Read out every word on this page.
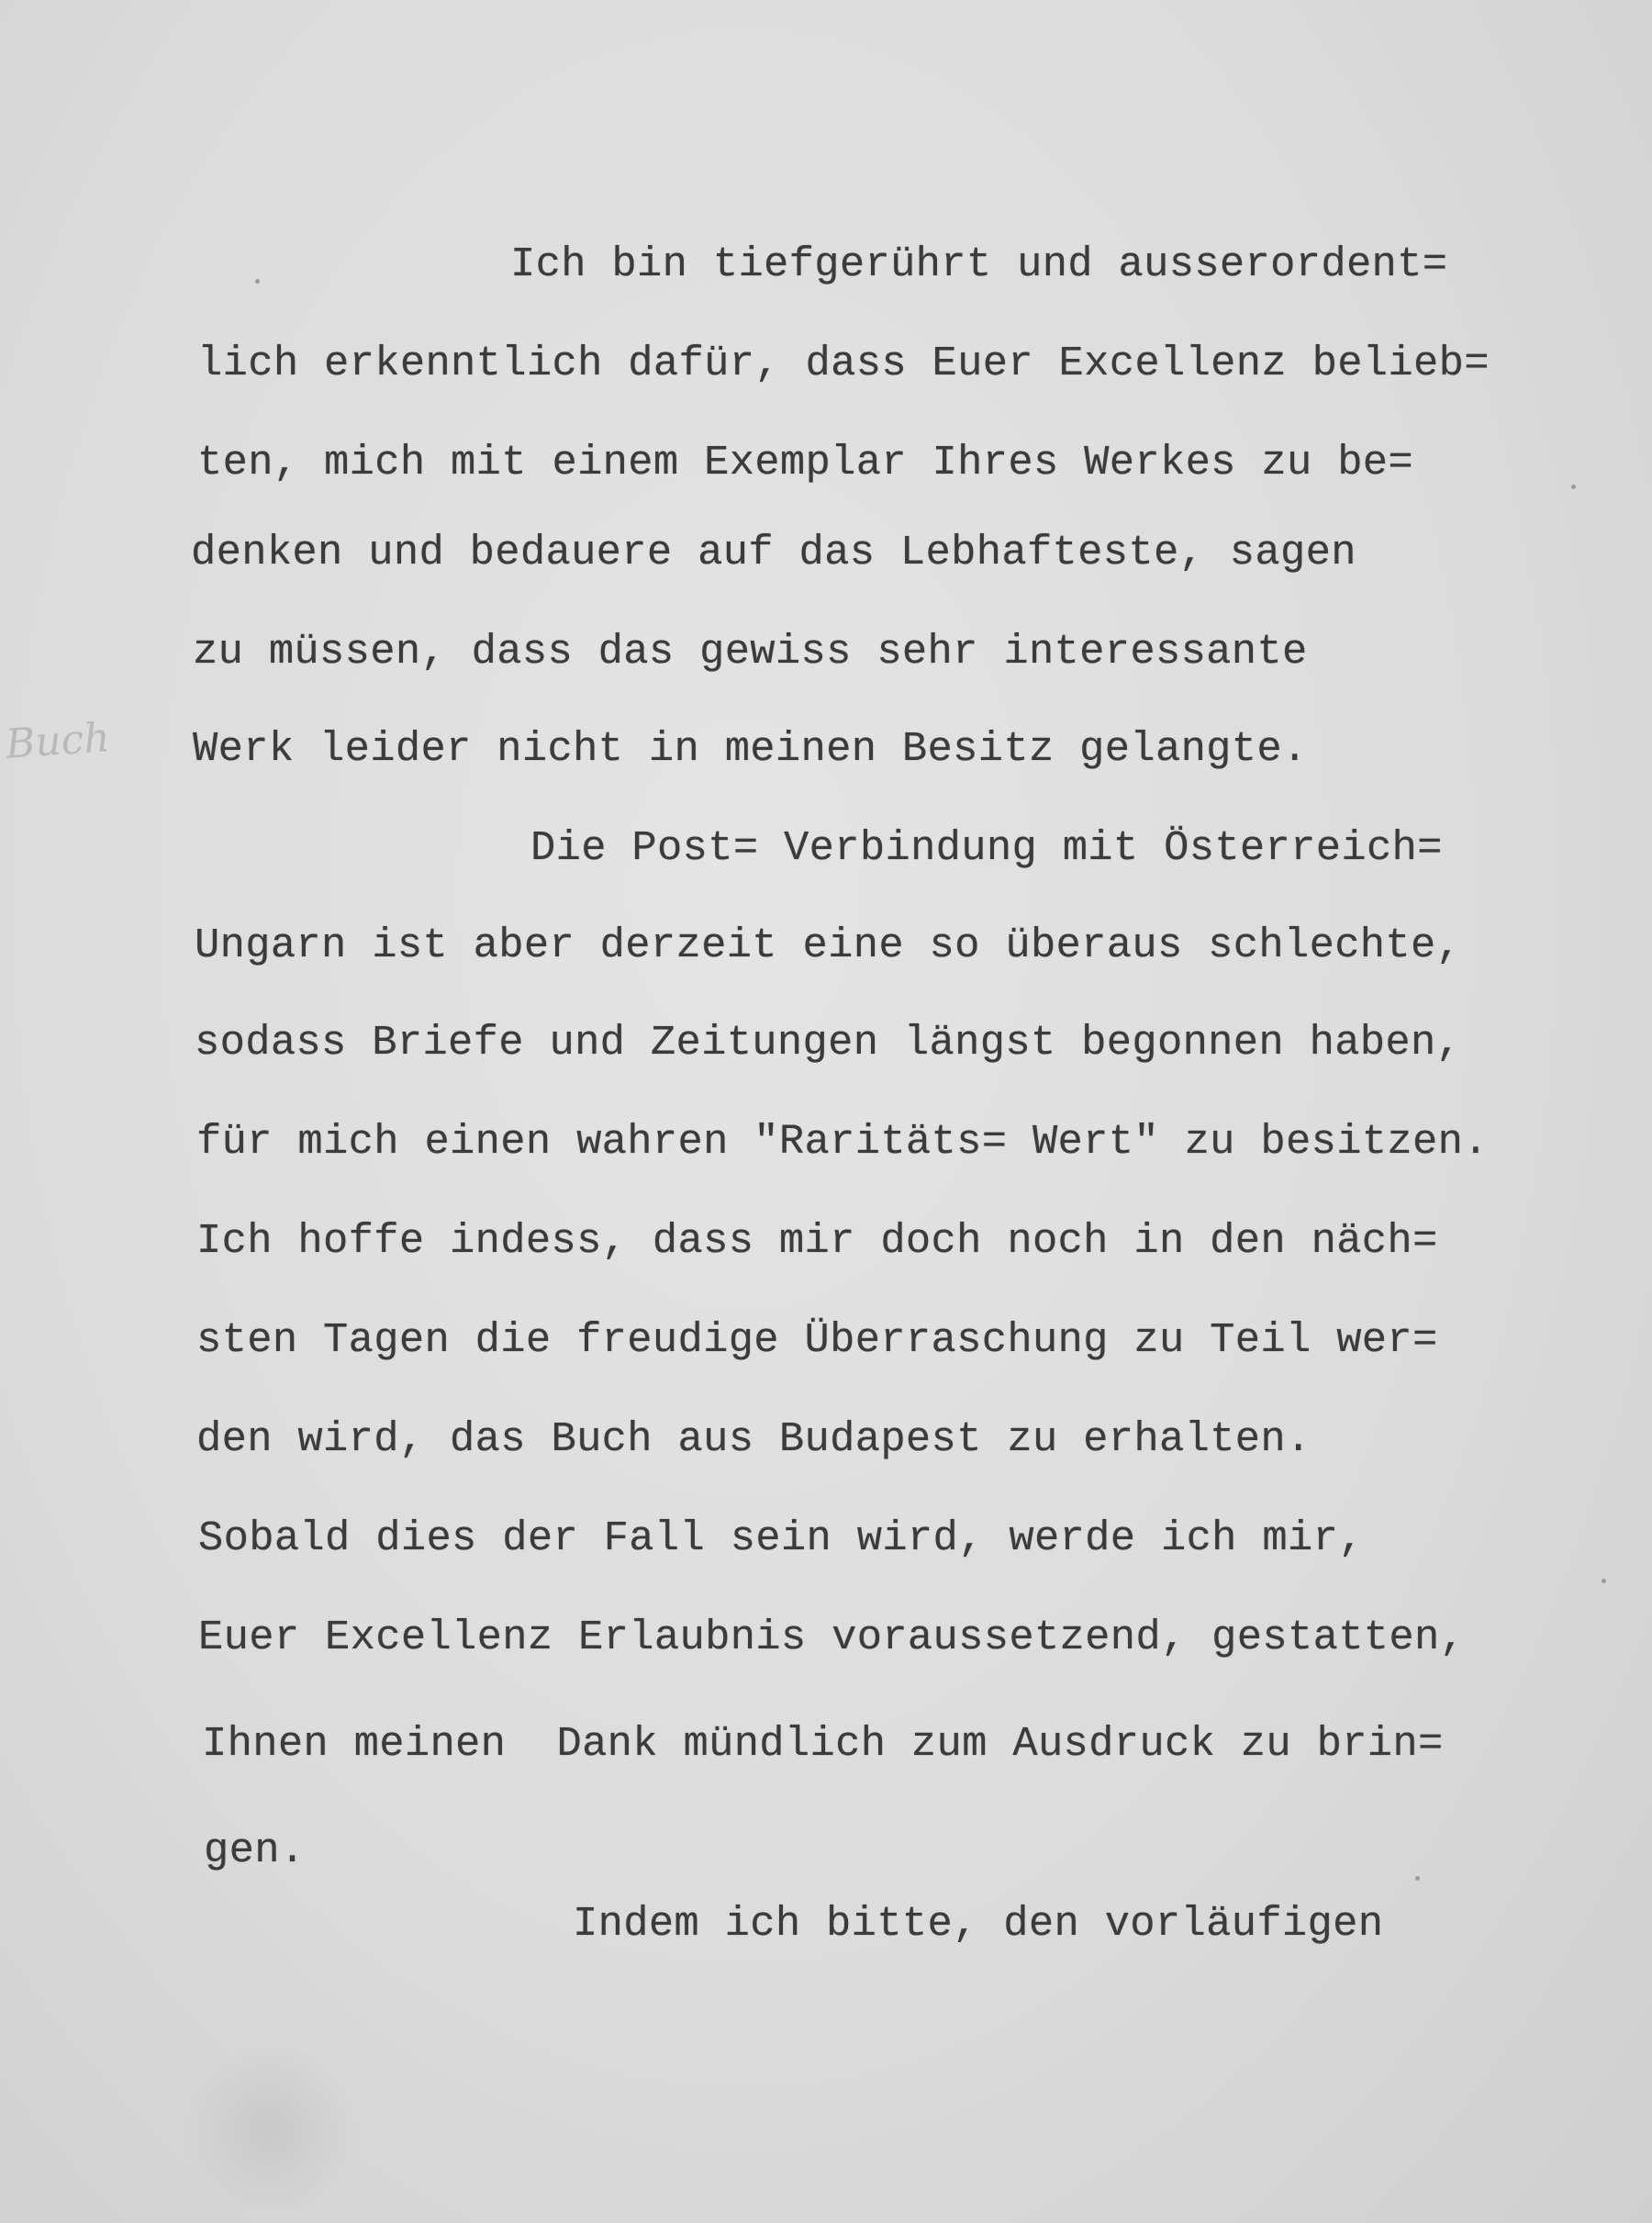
Buch

Ich bin tiefgerührt und ausserordent=

lich erkenntlich dafür, dass Euer Excellenz belieb=

ten, mich mit einem Exemplar Ihres Werkes zu be=

denken und bedauere auf das Lebhafteste, sagen

zu müssen, dass das gewiss sehr interessante

Werk leider nicht in meinen Besitz gelangte.

Die Post= Verbindung mit Österreich=

Ungarn ist aber derzeit eine so überaus schlechte,

sodass Briefe und Zeitungen längst begonnen haben,

für mich einen wahren "Raritäts= Wert" zu besitzen.

Ich hoffe indess, dass mir doch noch in den näch=

sten Tagen die freudige Überraschung zu Teil wer=

den wird, das Buch aus Budapest zu erhalten.

Sobald dies der Fall sein wird, werde ich mir,

Euer Excellenz Erlaubnis voraussetzend, gestatten,

Ihnen meinen  Dank mündlich zum Ausdruck zu brin=

gen.

Indem ich bitte, den vorläufigen
